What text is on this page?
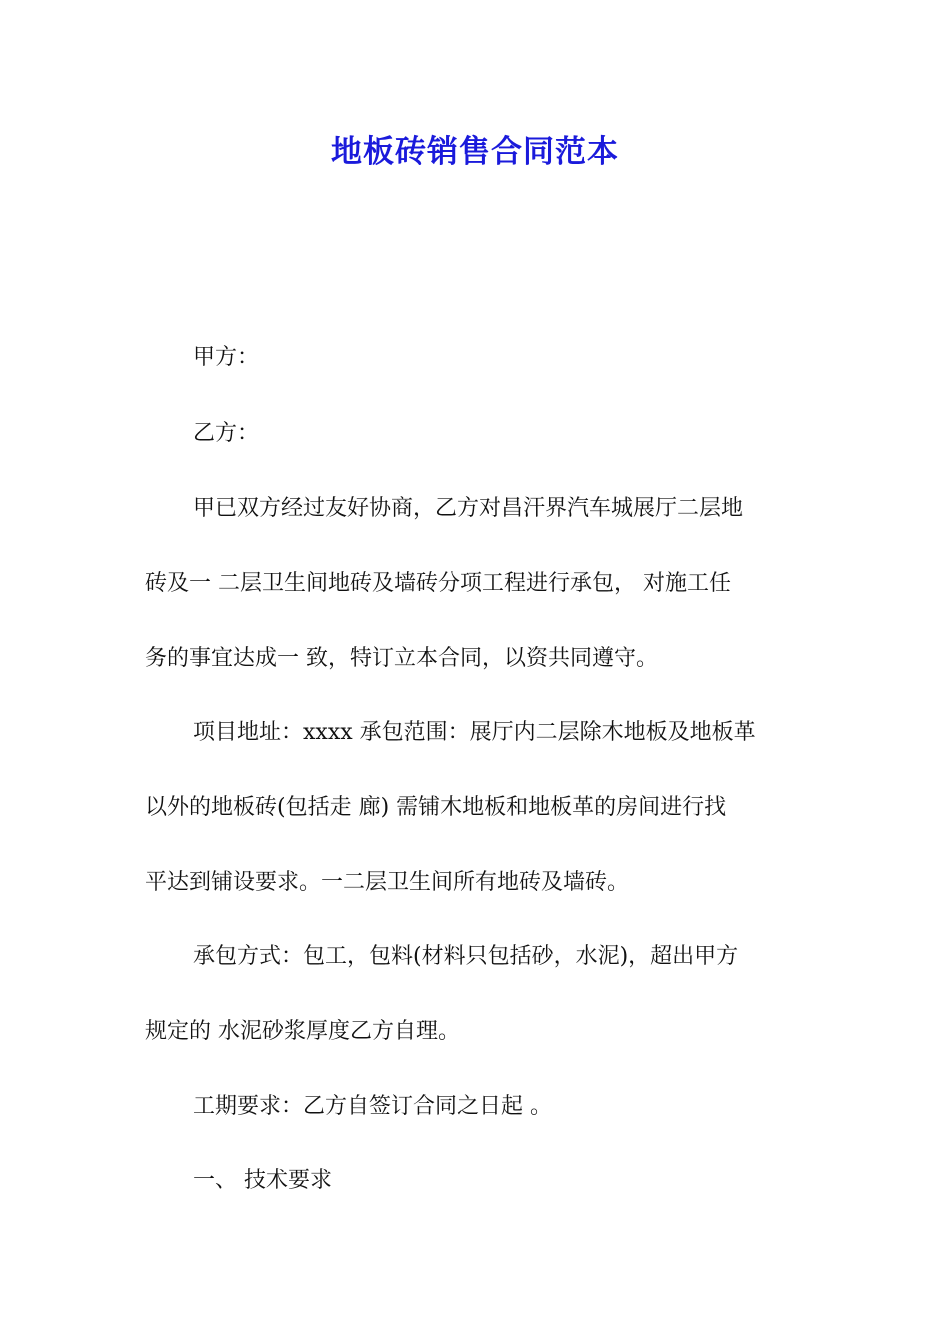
地板砖销售合同范本
甲方：
乙方：
甲已双方经过友好协商，乙方对昌汗界汽车城展厅二层地
砖及一 二层卫生间地砖及墙砖分项工程进行承包， 对施工任
务的事宜达成一 致，特订立本合同，以资共同遵守。
项目地址：xxxx 承包范围：展厅内二层除木地板及地板革
以外的地板砖(包括走 廊) 需铺木地板和地板革的房间进行找
平达到铺设要求。一二层卫生间所有地砖及墙砖。
承包方式：包工，包料(材料只包括砂，水泥)，超出甲方
规定的 水泥砂浆厚度乙方自理。
工期要求：乙方自签订合同之日起 。
一、 技术要求
